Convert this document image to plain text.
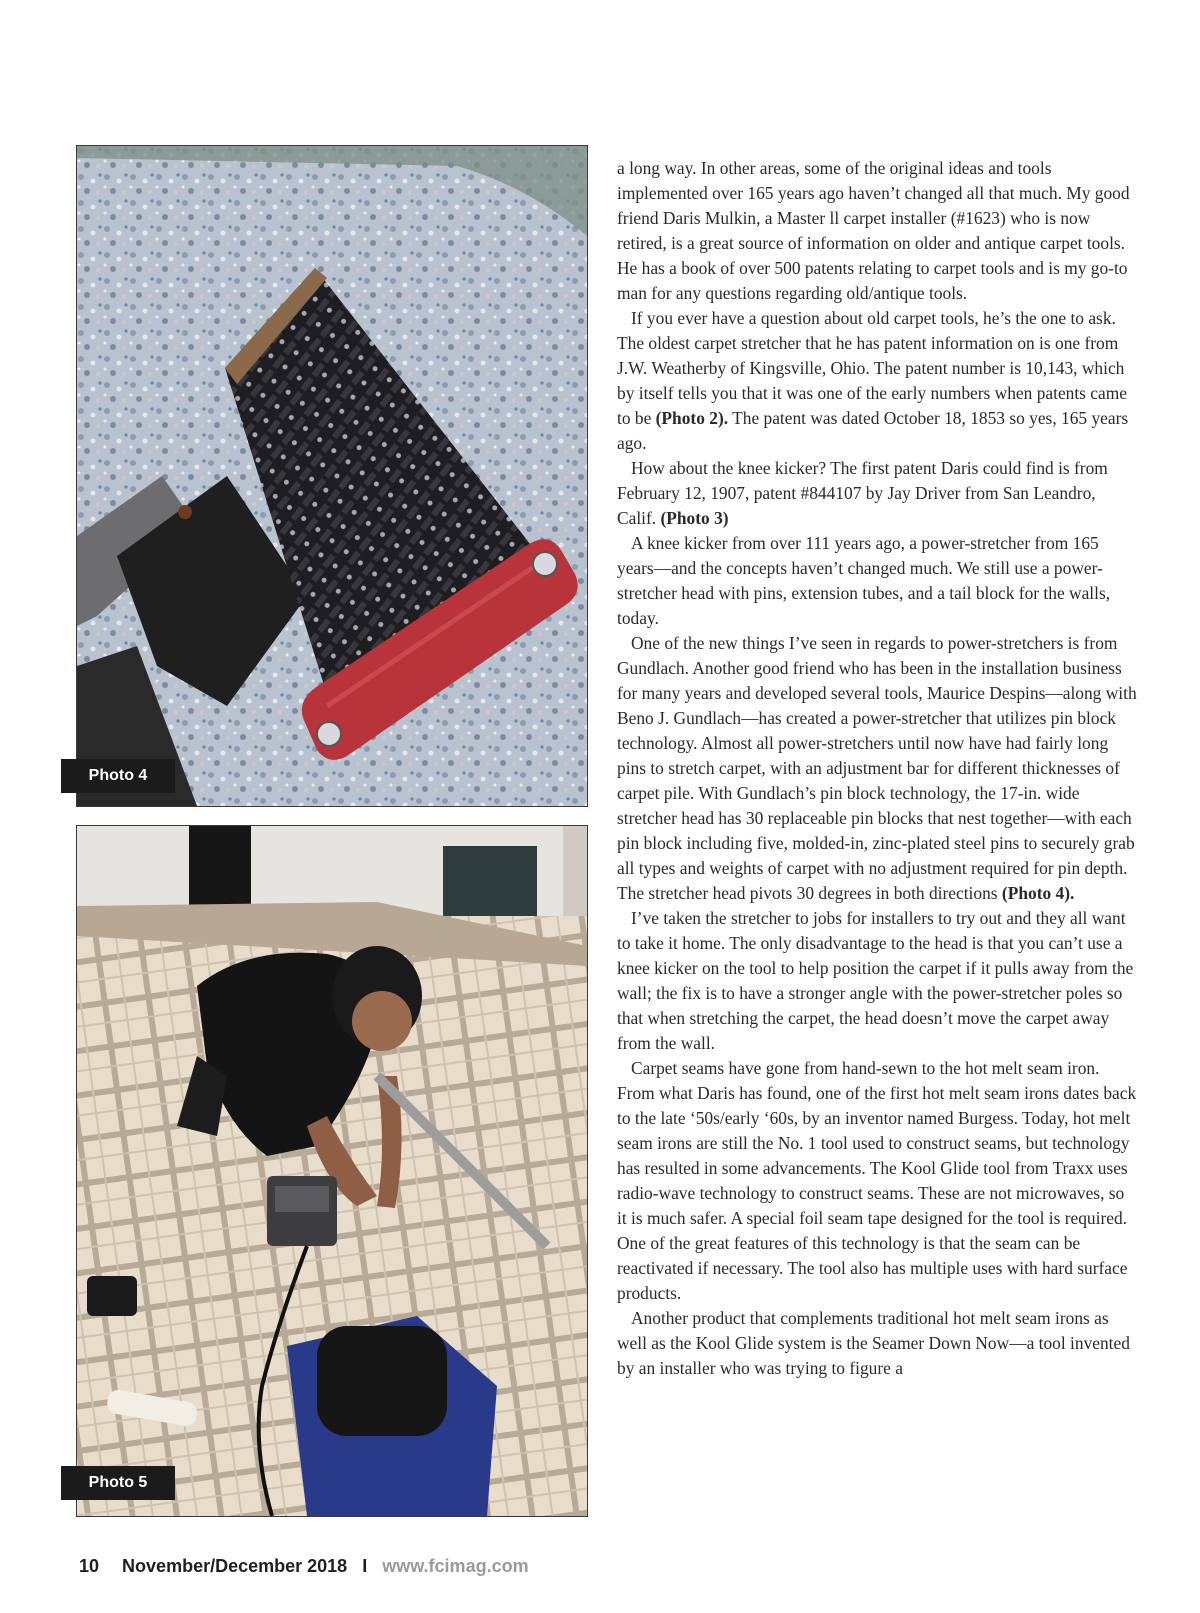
Photo 4
Photo 5

a long way. In other areas, some of the original ideas and tools implemented over 165 years ago haven’t changed all that much. My good friend Daris Mulkin, a Master ll carpet installer (#1623) who is now retired, is a great source of information on older and antique carpet tools. He has a book of over 500 patents relating to carpet tools and is my go-to man for any questions regarding old/antique tools.

If you ever have a question about old carpet tools, he’s the one to ask. The oldest carpet stretcher that he has patent information on is one from J.W. Weatherby of Kingsville, Ohio. The patent number is 10,143, which by itself tells you that it was one of the early numbers when patents came to be (Photo 2). The patent was dated October 18, 1853 so yes, 165 years ago.

How about the knee kicker? The first patent Daris could find is from February 12, 1907, patent #844107 by Jay Driver from San Leandro, Calif. (Photo 3)

A knee kicker from over 111 years ago, a power-stretcher from 165 years—and the concepts haven’t changed much. We still use a power-stretcher head with pins, extension tubes, and a tail block for the walls, today.

One of the new things I’ve seen in regards to power-stretchers is from Gundlach. Another good friend who has been in the installation business for many years and developed several tools, Maurice Despins—along with Beno J. Gundlach—has created a power-stretcher that utilizes pin block technology. Almost all power-stretchers until now have had fairly long pins to stretch carpet, with an adjustment bar for different thicknesses of carpet pile. With Gundlach’s pin block technology, the 17-in. wide stretcher head has 30 replaceable pin blocks that nest together—with each pin block including five, molded-in, zinc-plated steel pins to securely grab all types and weights of carpet with no adjustment required for pin depth. The stretcher head pivots 30 degrees in both directions (Photo 4).

I’ve taken the stretcher to jobs for installers to try out and they all want to take it home. The only disadvantage to the head is that you can’t use a knee kicker on the tool to help position the carpet if it pulls away from the wall; the fix is to have a stronger angle with the power-stretcher poles so that when stretching the carpet, the head doesn’t move the carpet away from the wall.

Carpet seams have gone from hand-sewn to the hot melt seam iron. From what Daris has found, one of the first hot melt seam irons dates back to the late ‘50s/early ‘60s, by an inventor named Burgess. Today, hot melt seam irons are still the No. 1 tool used to construct seams, but technology has resulted in some advancements. The Kool Glide tool from Traxx uses radio-wave technology to construct seams. These are not microwaves, so it is much safer. A special foil seam tape designed for the tool is required. One of the great features of this technology is that the seam can be reactivated if necessary. The tool also has multiple uses with hard surface products.

Another product that complements traditional hot melt seam irons as well as the Kool Glide system is the Seamer Down Now—a tool invented by an installer who was trying to figure a

10 November/December 2018 I www.fcimag.com
